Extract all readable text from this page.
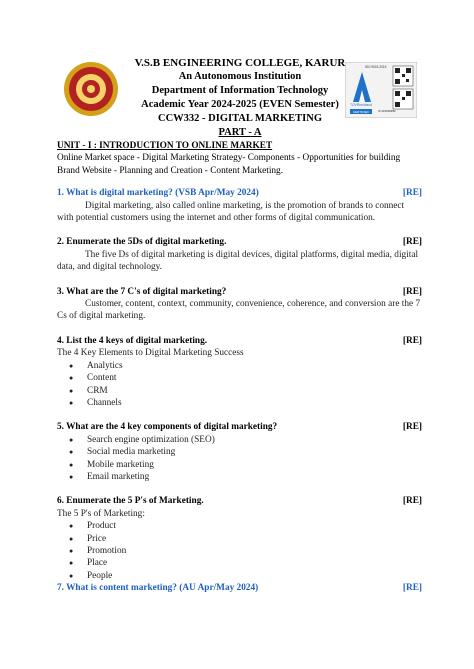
ISO 9001:2015
TÜVRheinland
CERTIFIED	ID 9105089882
V.S.B ENGINEERING COLLEGE, KARUR
An Autonomous Institution
Department of Information Technology
Academic Year 2024-2025 (EVEN Semester)
CCW332 - DIGITAL MARKETING
PART - A
UNIT - I : INTRODUCTION TO ONLINE MARKET

Online Market space - Digital Marketing Strategy- Components - Opportunities for building Brand Website - Planning and Creation - Content Marketing.

1. What is digital marketing? (VSB Apr/May 2024)	[RE]

Digital marketing, also called online marketing, is the promotion of brands to connect with potential customers using the internet and other forms of digital communication.

2. Enumerate the 5Ds of digital marketing.	[RE]

The five Ds of digital marketing is digital devices, digital platforms, digital media, digital data, and digital technology.

3. What are the 7 C's of digital marketing?	[RE]

Customer, content, context, community, convenience, coherence, and conversion are the 7 Cs of digital marketing.

4. List the 4 keys of digital marketing.	[RE]

The 4 Key Elements to Digital Marketing Success

● Analytics
● Content
● CRM
● Channels
5. What are the 4 key components of digital marketing?	[RE]
● Search engine optimization (SEO)
● Social media marketing
● Mobile marketing
● Email marketing
6. Enumerate the 5 P's of Marketing.	[RE]

The 5 P's of Marketing:

● Product
● Price
● Promotion
● Place
● People
7. What is content marketing? (AU Apr/May 2024)	[RE]
